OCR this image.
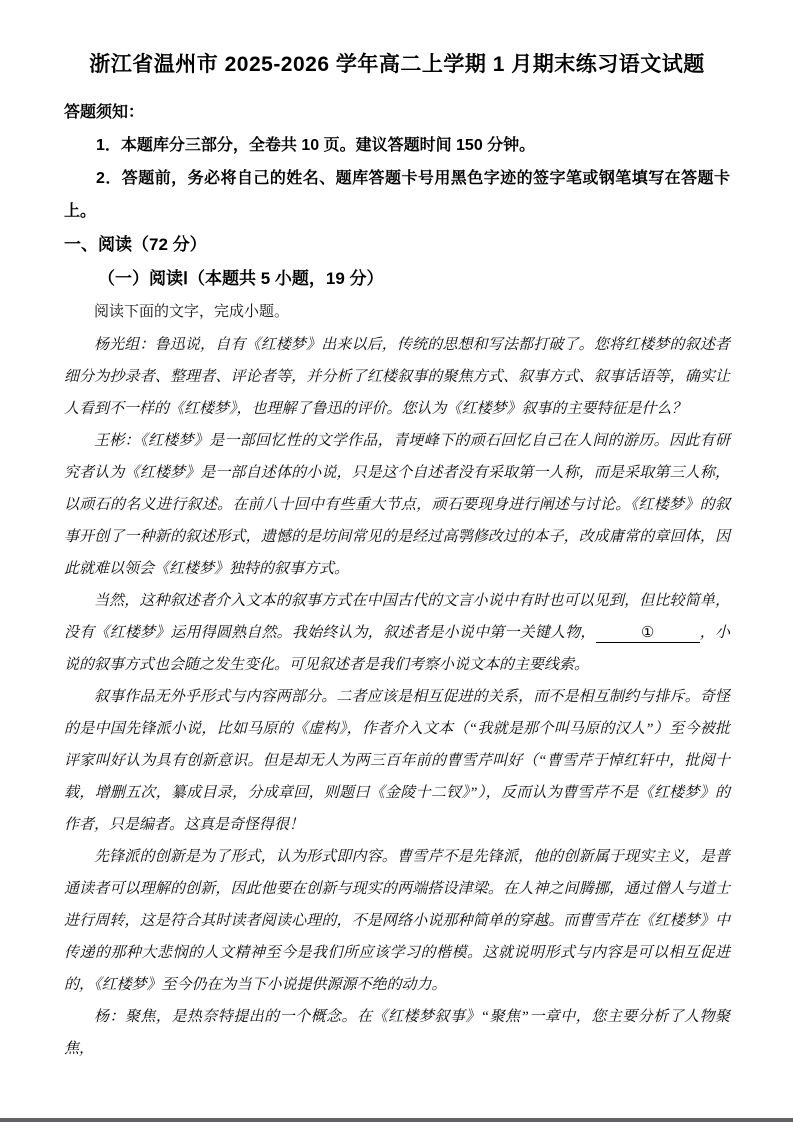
浙江省温州市 2025-2026 学年高二上学期 1 月期末练习语文试题

答题须知：

1．本题库分三部分，全卷共 10 页。建议答题时间 150 分钟。

2．答题前，务必将自己的姓名、题库答题卡号用黑色字迹的签字笔或钢笔填写在答题卡上。

一、阅读（72 分）

（一）阅读Ⅰ（本题共 5 小题，19 分）

阅读下面的文字，完成小题。

杨光组：鲁迅说，自有《红楼梦》出来以后，传统的思想和写法都打破了。您将红楼梦的叙述者细分为抄录者、整理者、评论者等，并分析了红楼叙事的聚焦方式、叙事方式、叙事话语等，确实让人看到不一样的《红楼梦》，也理解了鲁迅的评价。您认为《红楼梦》叙事的主要特征是什么？

王彬：《红楼梦》是一部回忆性的文学作品，青埂峰下的顽石回忆自己在人间的游历。因此有研究者认为《红楼梦》是一部自述体的小说，只是这个自述者没有采取第一人称，而是采取第三人称，以顽石的名义进行叙述。在前八十回中有些重大节点，顽石要现身进行阐述与讨论。《红楼梦》的叙事开创了一种新的叙述形式，遗憾的是坊间常见的是经过高鹗修改过的本子，改成庸常的章回体，因此就难以领会《红楼梦》独特的叙事方式。

当然，这种叙述者介入文本的叙事方式在中国古代的文言小说中有时也可以见到，但比较简单，没有《红楼梦》运用得圆熟自然。我始终认为，叙述者是小说中第一关键人物，	①	，小说的叙事方式也会随之发生变化。可见叙述者是我们考察小说文本的主要线索。

叙事作品无外乎形式与内容两部分。二者应该是相互促进的关系，而不是相互制约与排斥。奇怪的是中国先锋派小说，比如马原的《虚构》，作者介入文本（“我就是那个叫马原的汉人”）至今被批评家叫好认为具有创新意识。但是却无人为两三百年前的曹雪芹叫好（“曹雪芹于悼红轩中，批阅十载，增删五次，纂成目录，分成章回，则题曰《金陵十二钗》”），反而认为曹雪芹不是《红楼梦》的作者，只是编者。这真是奇怪得很！

先锋派的创新是为了形式，认为形式即内容。曹雪芹不是先锋派，他的创新属于现实主义，是普通读者可以理解的创新，因此他要在创新与现实的两端搭设津梁。在人神之间腾挪，通过僧人与道士进行周转，这是符合其时读者阅读心理的，不是网络小说那种简单的穿越。而曹雪芹在《红楼梦》中传递的那种大悲悯的人文精神至今是我们所应该学习的楷模。这就说明形式与内容是可以相互促进的，《红楼梦》至今仍在为当下小说提供源源不绝的动力。

杨：聚焦，是热奈特提出的一个概念。在《红楼梦叙事》“聚焦”一章中，您主要分析了人物聚焦，
